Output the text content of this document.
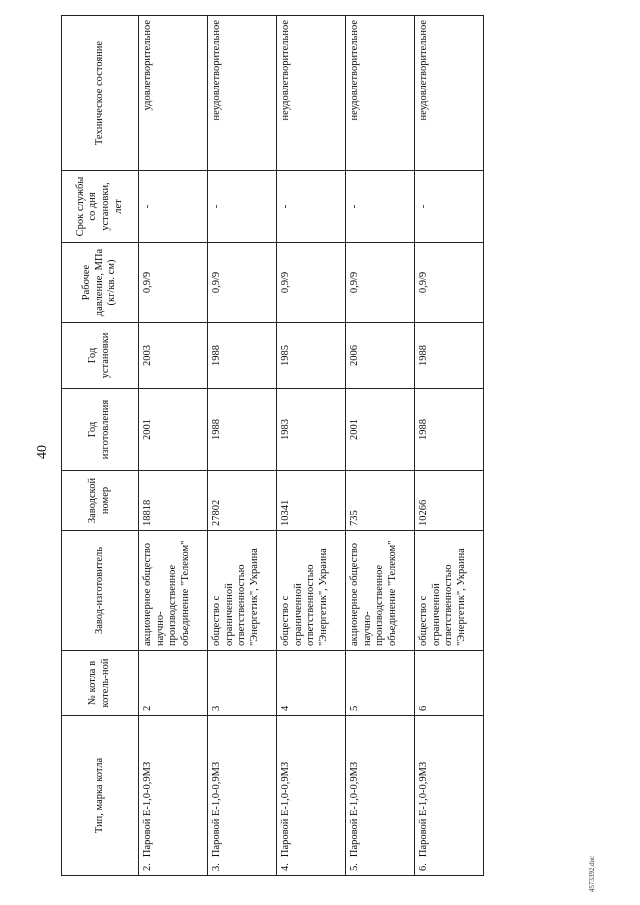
40
4573392.doc
Тип, марка котла	№ котла в котель-ной	Завод-изготовитель	Заводской номер	Год изготовления	Год установки	Рабочее давление, МПа (кг/кв. см)	Срок службы со дня установки, лет	Техническое состояние
2.Паровой Е-1,0-0,9МЗ	2	акционерное общество научно-производственное объединение "Телеком"	18818	2001	2003	0,9/9	-	удовлетворительное
3.Паровой Е-1,0-0,9МЗ	3	общество с ограниченной ответственностью "Энергетик", Украина	27802	1988	1988	0,9/9	-	неудовлетворительное
4.Паровой Е-1,0-0,9МЗ	4	общество с ограниченной ответственностью "Энергетик", Украина	10341	1983	1985	0,9/9	-	неудовлетворительное
5.Паровой Е-1,0-0,9МЗ	5	акционерное общество научно-производственное объединение "Телеком"	735	2001	2006	0,9/9	-	неудовлетворительное
6.Паровой Е-1,0-0,9МЗ	6	общество с ограниченной ответственностью "Энергетик", Украина	10266	1988	1988	0,9/9	-	неудовлетворительное
